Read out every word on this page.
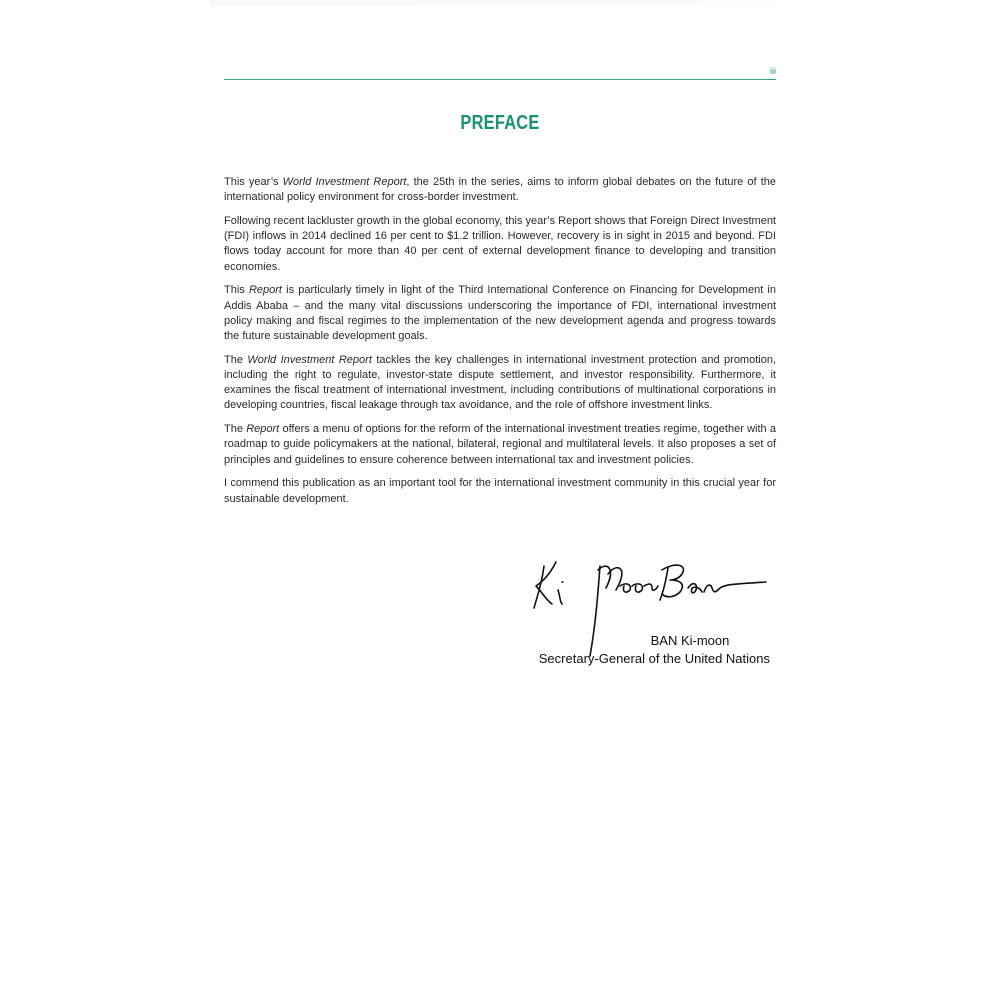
iii
PREFACE

This year’s World Investment Report, the 25th in the series, aims to inform global debates on the future of the international policy environment for cross-border investment.

Following recent lackluster growth in the global economy, this year’s Report shows that Foreign Direct Investment (FDI) inflows in 2014 declined 16 per cent to $1.2 trillion. However, recovery is in sight in 2015 and beyond. FDI flows today account for more than 40 per cent of external development finance to developing and transition economies.

This Report is particularly timely in light of the Third International Conference on Financing for Development in Addis Ababa – and the many vital discussions underscoring the importance of FDI, international investment policy making and fiscal regimes to the implementation of the new development agenda and progress towards the future sustainable development goals.

The World Investment Report tackles the key challenges in international investment protection and promotion, including the right to regulate, investor-state dispute settlement, and investor responsibility. Furthermore, it examines the fiscal treatment of international investment, including contributions of multinational corporations in developing countries, fiscal leakage through tax avoidance, and the role of offshore investment links.

The Report offers a menu of options for the reform of the international investment treaties regime, together with a roadmap to guide policymakers at the national, bilateral, regional and multilateral levels. It also proposes a set of principles and guidelines to ensure coherence between international tax and investment policies.

I commend this publication as an important tool for the international investment community in this crucial year for sustainable development.

Ki Moon Ban
BAN Ki-moon
Secretary-General of the United Nations
